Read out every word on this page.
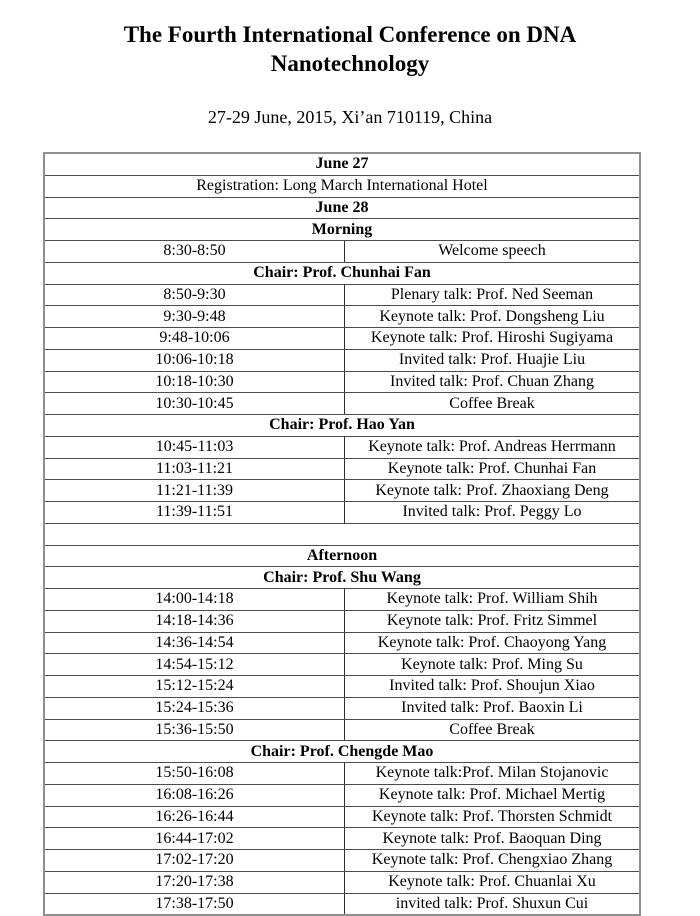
The Fourth International Conference on DNA Nanotechnology
27-29 June, 2015, Xi’an 710119, China
June 27
Registration: Long March International Hotel
June 28
Morning
8:30-8:50	Welcome speech
Chair: Prof. Chunhai Fan
8:50-9:30	Plenary talk: Prof. Ned Seeman
9:30-9:48	Keynote talk: Prof. Dongsheng Liu
9:48-10:06	Keynote talk: Prof. Hiroshi Sugiyama
10:06-10:18	Invited talk: Prof. Huajie Liu
10:18-10:30	Invited talk: Prof. Chuan Zhang
10:30-10:45	Coffee Break
Chair: Prof. Hao Yan
10:45-11:03	Keynote talk: Prof. Andreas Herrmann
11:03-11:21	Keynote talk: Prof. Chunhai Fan
11:21-11:39	Keynote talk: Prof. Zhaoxiang Deng
11:39-11:51	Invited talk: Prof. Peggy Lo
Afternoon
Chair: Prof. Shu Wang
14:00-14:18	Keynote talk: Prof. William Shih
14:18-14:36	Keynote talk: Prof. Fritz Simmel
14:36-14:54	Keynote talk: Prof. Chaoyong Yang
14:54-15:12	Keynote talk: Prof. Ming Su
15:12-15:24	Invited talk: Prof. Shoujun Xiao
15:24-15:36	Invited talk: Prof. Baoxin Li
15:36-15:50	Coffee Break
Chair: Prof. Chengde Mao
15:50-16:08	Keynote talk:Prof. Milan Stojanovic
16:08-16:26	Keynote talk: Prof. Michael Mertig
16:26-16:44	Keynote talk: Prof. Thorsten Schmidt
16:44-17:02	Keynote talk: Prof. Baoquan Ding
17:02-17:20	Keynote talk: Prof. Chengxiao Zhang
17:20-17:38	Keynote talk: Prof. Chuanlai Xu
17:38-17:50	invited talk: Prof. Shuxun Cui
